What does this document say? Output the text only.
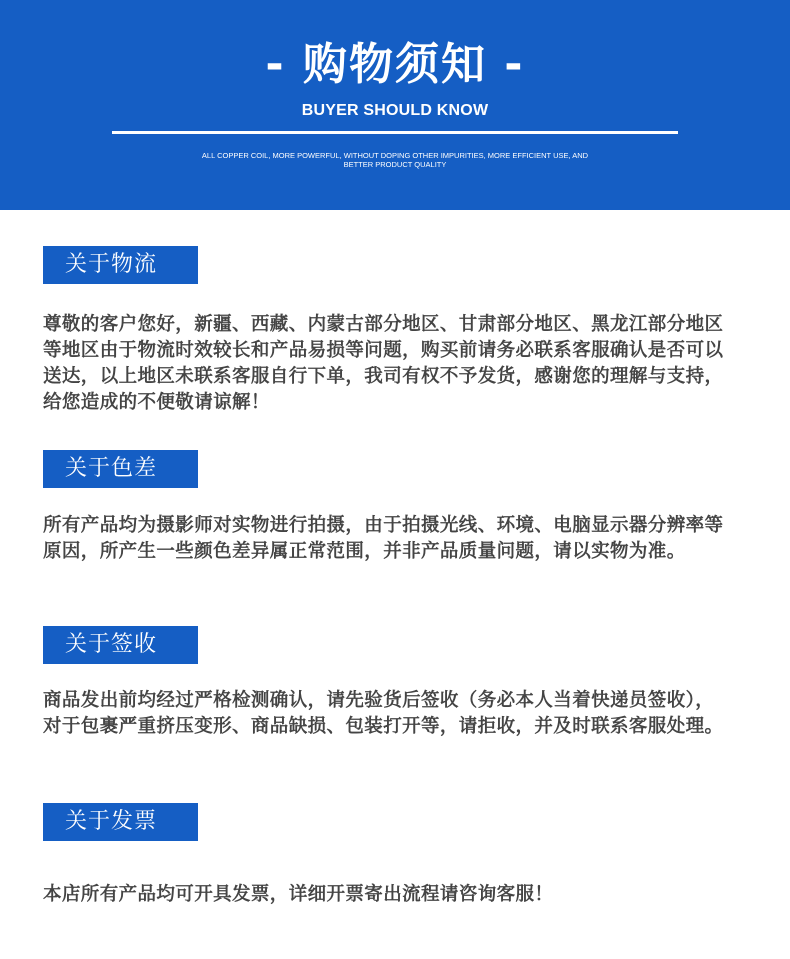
- 购物须知 -
BUYER SHOULD KNOW
ALL COPPER COIL, MORE POWERFUL, WITHOUT DOPING OTHER IMPURITIES, MORE EFFICIENT USE, AND BETTER PRODUCT QUALITY
关于物流
尊敬的客户您好，新疆、西藏、内蒙古部分地区、甘肃部分地区、黑龙江部分地区等地区由于物流时效较长和产品易损等问题，购买前请务必联系客服确认是否可以送达，以上地区未联系客服自行下单，我司有权不予发货，感谢您的理解与支持，给您造成的不便敬请谅解！
关于色差
所有产品均为摄影师对实物进行拍摄，由于拍摄光线、环境、电脑显示器分辨率等原因，所产生一些颜色差异属正常范围，并非产品质量问题，请以实物为准。
关于签收
商品发出前均经过严格检测确认，请先验货后签收（务必本人当着快递员签收），对于包裹严重挤压变形、商品缺损、包装打开等，请拒收，并及时联系客服处理。
关于发票
本店所有产品均可开具发票，详细开票寄出流程请咨询客服！
